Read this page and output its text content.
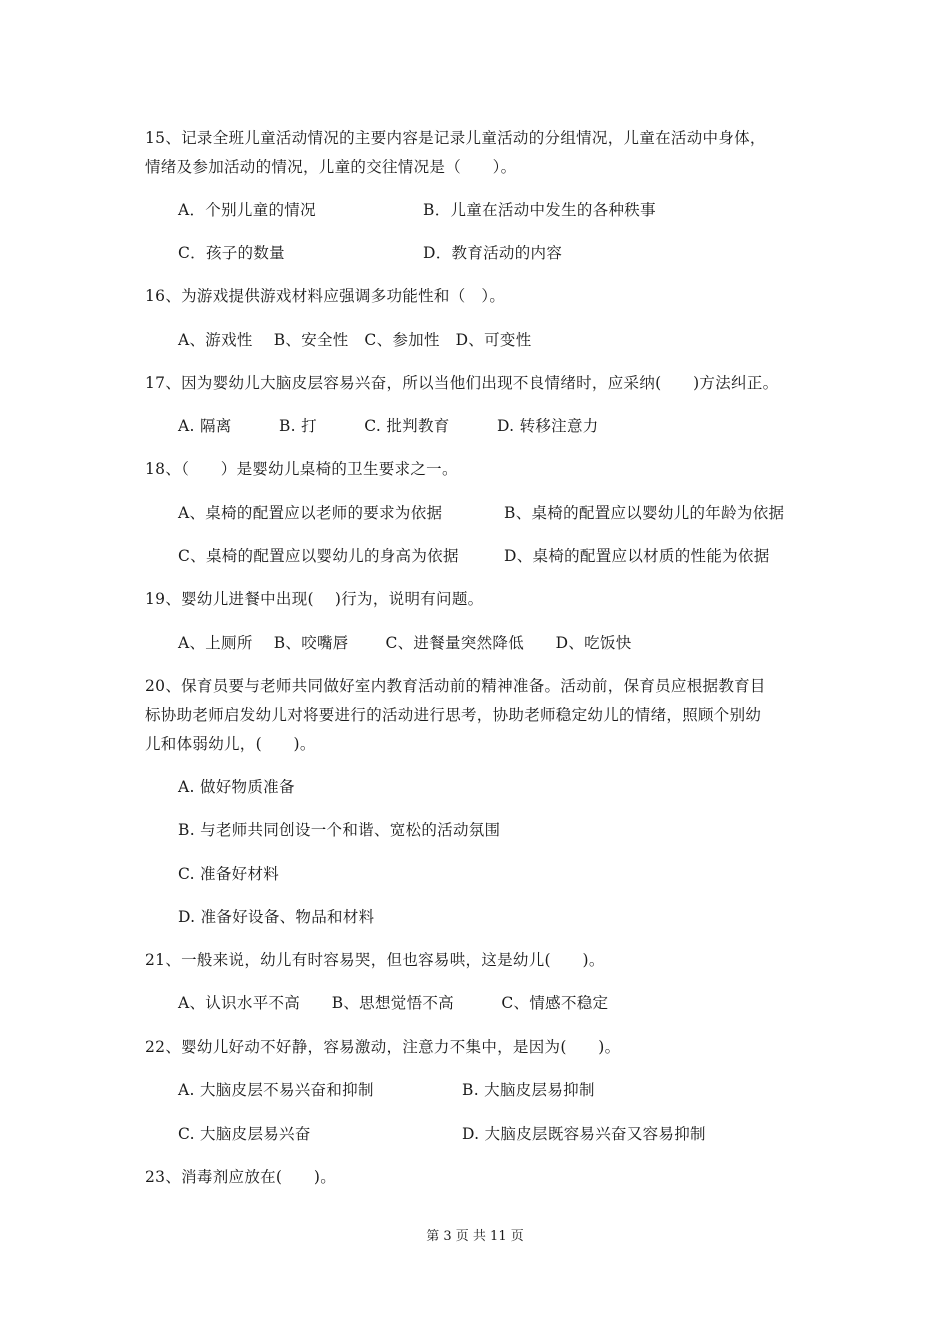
15、记录全班儿童活动情况的主要内容是记录儿童活动的分组情况，儿童在活动中身体，
情绪及参加活动的情况，儿童的交往情况是（　　）。
A．个别儿童的情况	B．儿童在活动中发生的各种秩事
C．孩子的数量	D．教育活动的内容
16、为游戏提供游戏材料应强调多功能性和（　）。
A、游戏性　 B、安全性　C、参加性　D、可变性
17、因为婴幼儿大脑皮层容易兴奋，所以当他们出现不良情绪时，应采纳(　　)方法纠正。
A. 隔离　　　B. 打　　　C. 批判教育　　　D. 转移注意力
18、（　　）是婴幼儿桌椅的卫生要求之一。
A、桌椅的配置应以老师的要求为依据	B、桌椅的配置应以婴幼儿的年龄为依据
C、桌椅的配置应以婴幼儿的身高为依据	D、桌椅的配置应以材质的性能为依据
19、婴幼儿进餐中出现(　 )行为，说明有问题。
A、上厕所　 B、咬嘴唇　　 C、进餐量突然降低　　D、吃饭快
20、保育员要与老师共同做好室内教育活动前的精神准备。活动前，保育员应根据教育目
标协助老师启发幼儿对将要进行的活动进行思考，协助老师稳定幼儿的情绪，照顾个别幼
儿和体弱幼儿，(　　)。
A. 做好物质准备
B. 与老师共同创设一个和谐、宽松的活动氛围
C. 准备好材料
D. 准备好设备、物品和材料
21、一般来说，幼儿有时容易哭，但也容易哄，这是幼儿(　　)。
A、认识水平不高　　B、思想觉悟不高　　　C、情感不稳定
22、婴幼儿好动不好静，容易激动，注意力不集中，是因为(　　)。
A. 大脑皮层不易兴奋和抑制	B. 大脑皮层易抑制
C. 大脑皮层易兴奋	D. 大脑皮层既容易兴奋又容易抑制
23、消毒剂应放在(　　)。
第 3 页 共 11 页
